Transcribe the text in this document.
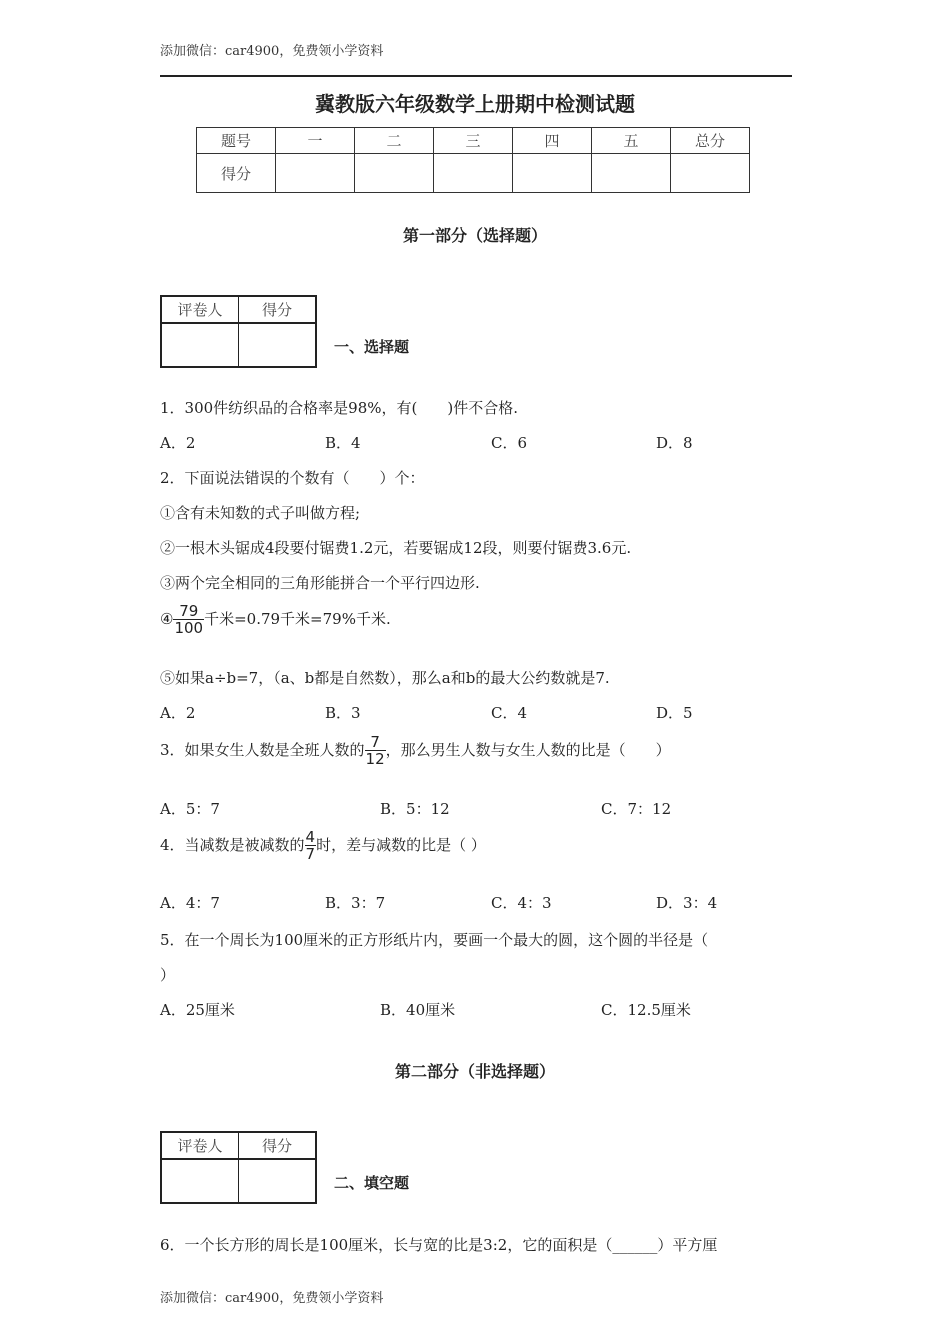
添加微信：car4900，免费领小学资料
冀教版六年级数学上册期中检测试题
题号	一	二	三	四	五	总分
得分						
第一部分（选择题）
评卷人	得分

一、选择题
1．300件纺织品的合格率是98%，有(　　)件不合格.
A．2	B．4	C．6	D．8
2．下面说法错误的个数有（　　）个：
①含有未知数的式子叫做方程;
②一根木头锯成4段要付锯费1.2元，若要锯成12段，则要付锯费3.6元.
③两个完全相同的三角形能拼合一个平行四边形.
④ $\frac{79}{100}$ 千米=0.79千米=79%千米.
⑤如果a÷b=7，（a、b都是自然数），那么a和b的最大公约数就是7.
A．2	B．3	C．4	D．5
3．如果女生人数是全班人数的 $\frac{7}{12}$ ，那么男生人数与女生人数的比是（　　）
A．5：7	B．5：12	C．7：12
4．当减数是被减数的 $\frac{4}{7}$ 时，差与减数的比是（ ）
A．4：7	B．3：7	C．4：3	D．3：4
5．在一个周长为100厘米的正方形纸片内，要画一个最大的圆，这个圆的半径是（
）
A．25厘米	B．40厘米	C．12.5厘米
第二部分（非选择题）
评卷人	得分

二、填空题
6．一个长方形的周长是100厘米，长与宽的比是3:2，它的面积是（______）平方厘
添加微信：car4900，免费领小学资料
